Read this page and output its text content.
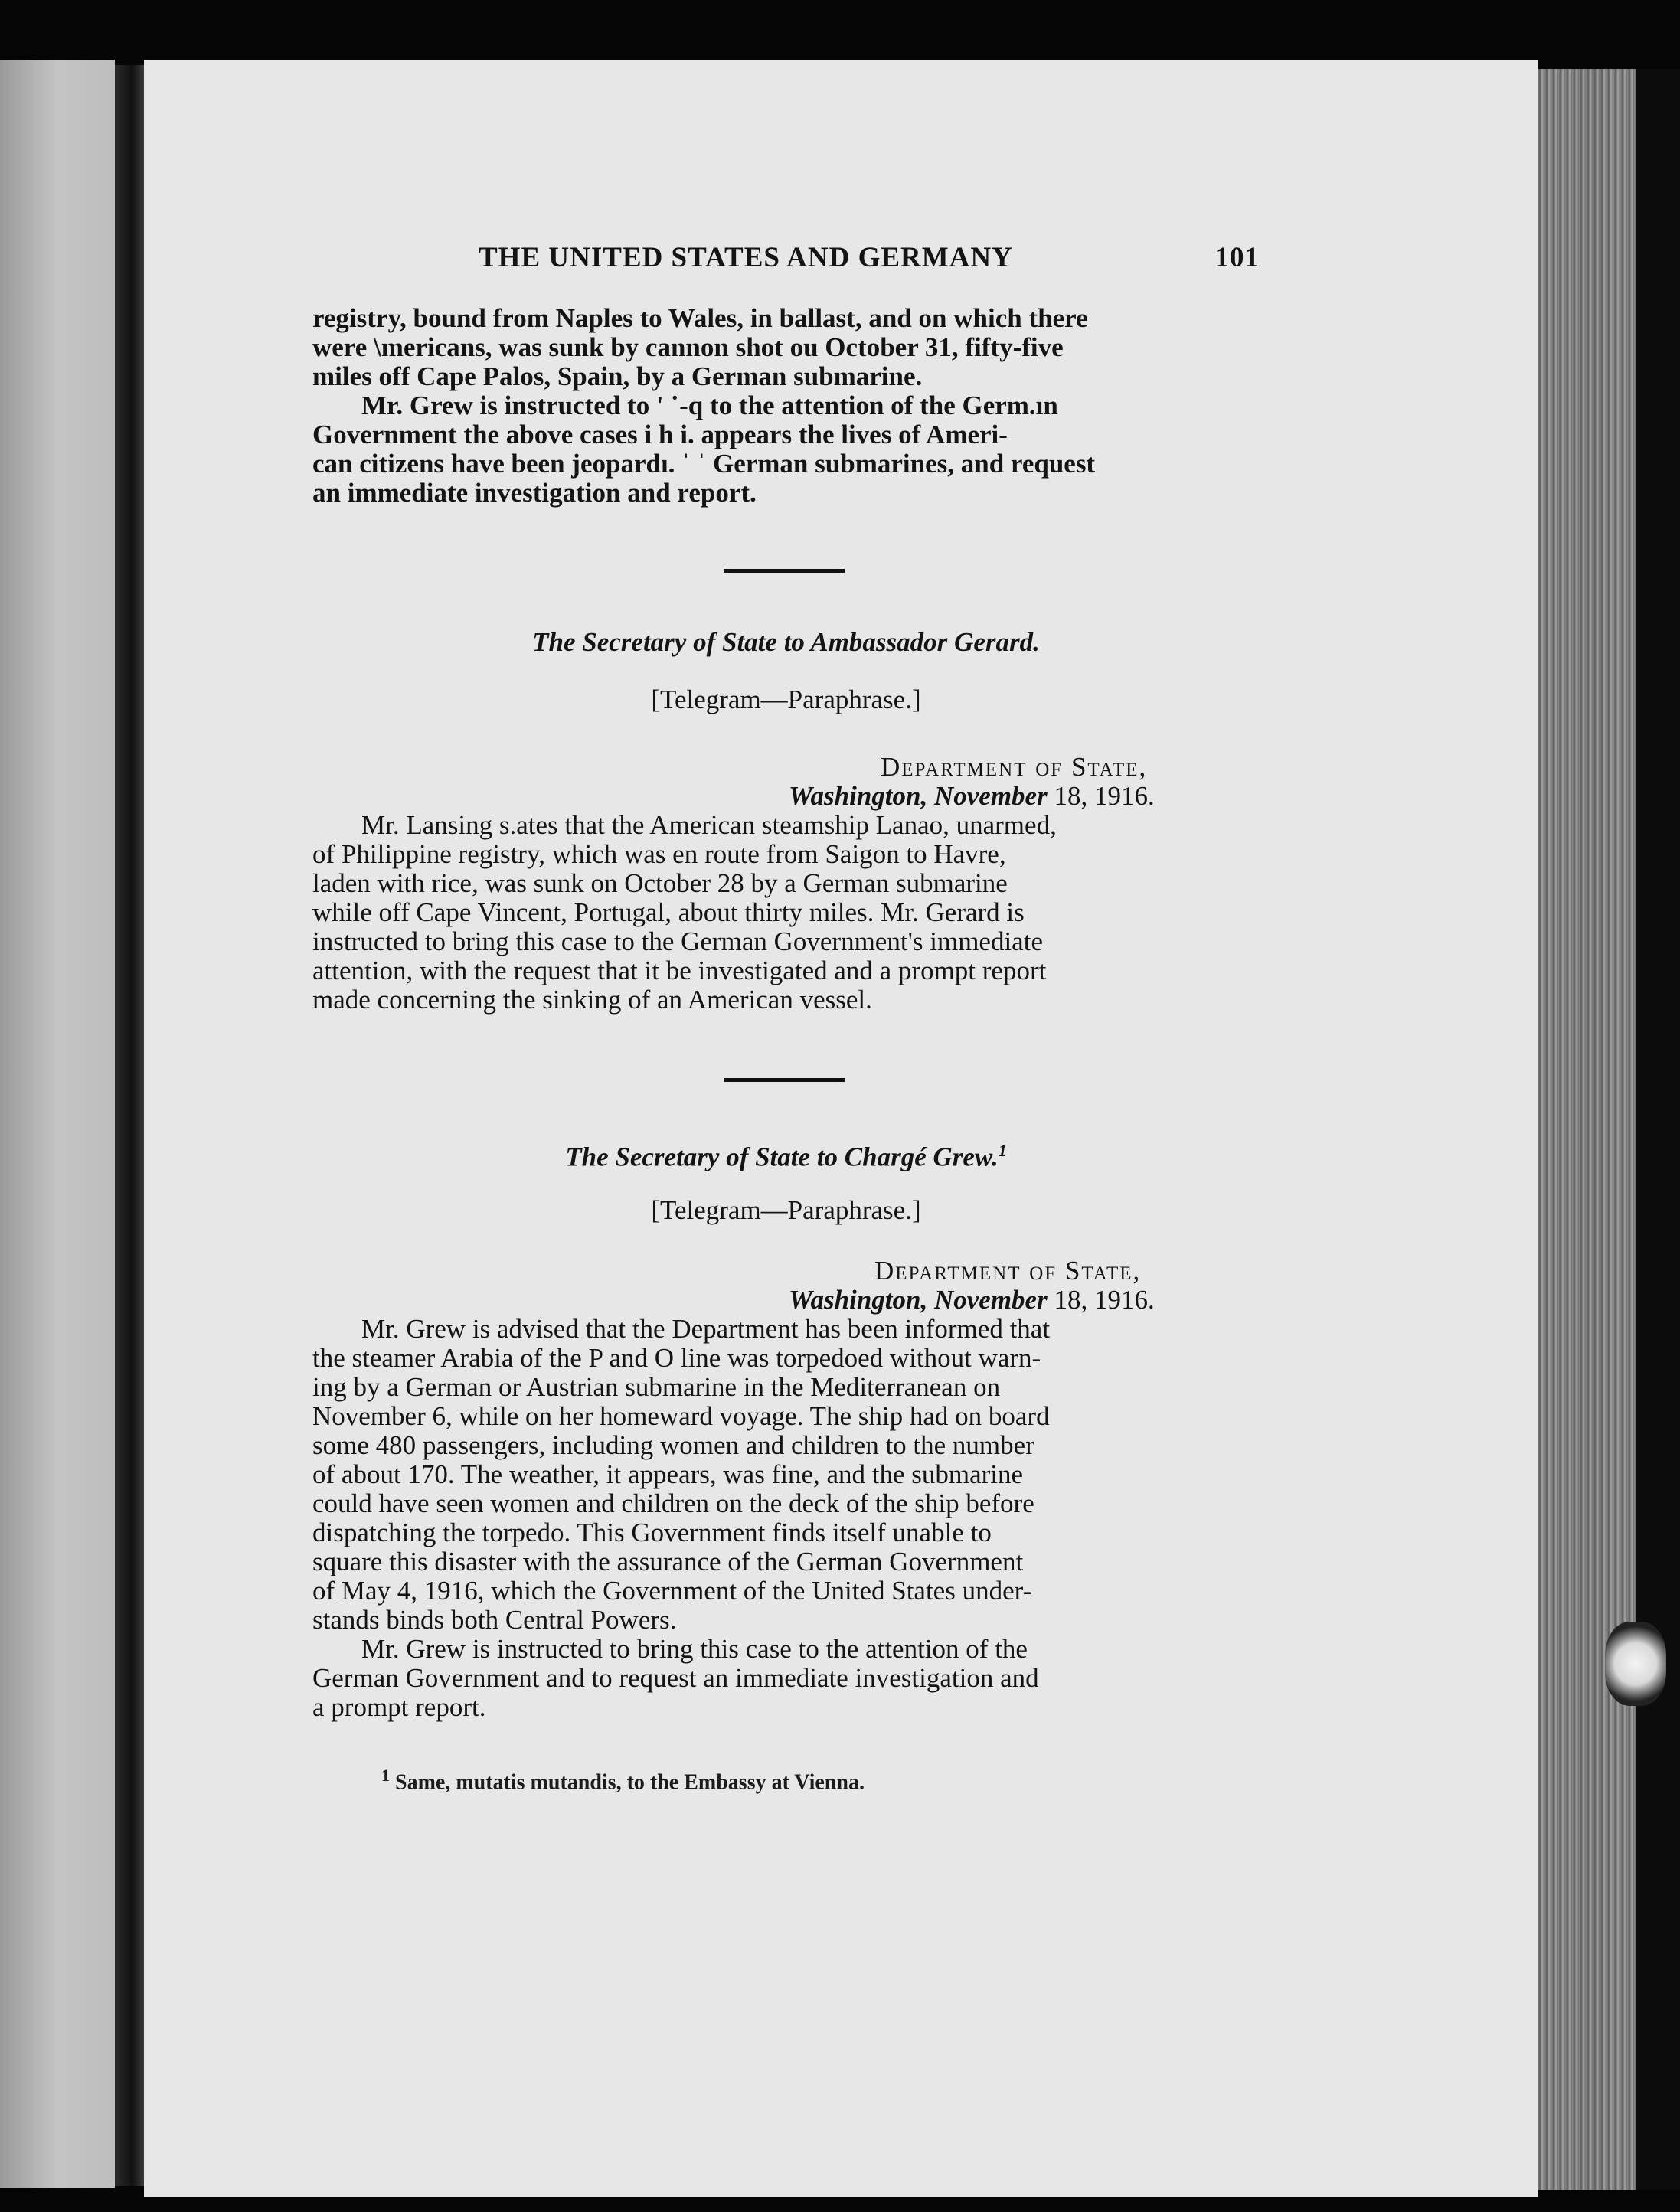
THE UNITED STATES AND GERMANY	101

registry, bound from Naples to Wales, in ballast, and on which there

were \mericans, was sunk by cannon shot ou October 31, fifty-five

miles off Cape Palos, Spain, by a German submarine.

Mr. Grew is instructed to ' ˙‑q to the attention of the Germ.ın

Government the above cases i h i. appears the lives of Ameri-

can citizens have been jeopardı. ˈ ˈ German submarines, and request

an immediate investigation and report.

The Secretary of State to Ambassador Gerard.
[Telegram—Paraphrase.]
Department of State,
Washington, November 18, 1916.

Mr. Lansing s.ates that the American steamship Lanao, unarmed,

of Philippine registry, which was en route from Saigon to Havre,

laden with rice, was sunk on October 28 by a German submarine

while off Cape Vincent, Portugal, about thirty miles. Mr. Gerard is

instructed to bring this case to the German Government's immediate

attention, with the request that it be investigated and a prompt report

made concerning the sinking of an American vessel.

The Secretary of State to Chargé Grew.$^1$
[Telegram—Paraphrase.]
Department of State,
Washington, November 18, 1916.

Mr. Grew is advised that the Department has been informed that

the steamer Arabia of the P and O line was torpedoed without warn-

ing by a German or Austrian submarine in the Mediterranean on

November 6, while on her homeward voyage. The ship had on board

some 480 passengers, including women and children to the number

of about 170. The weather, it appears, was fine, and the submarine

could have seen women and children on the deck of the ship before

dispatching the torpedo. This Government finds itself unable to

square this disaster with the assurance of the German Government

of May 4, 1916, which the Government of the United States under-

stands binds both Central Powers.

Mr. Grew is instructed to bring this case to the attention of the

German Government and to request an immediate investigation and

a prompt report.

$^1$ Same, mutatis mutandis, to the Embassy at Vienna.
